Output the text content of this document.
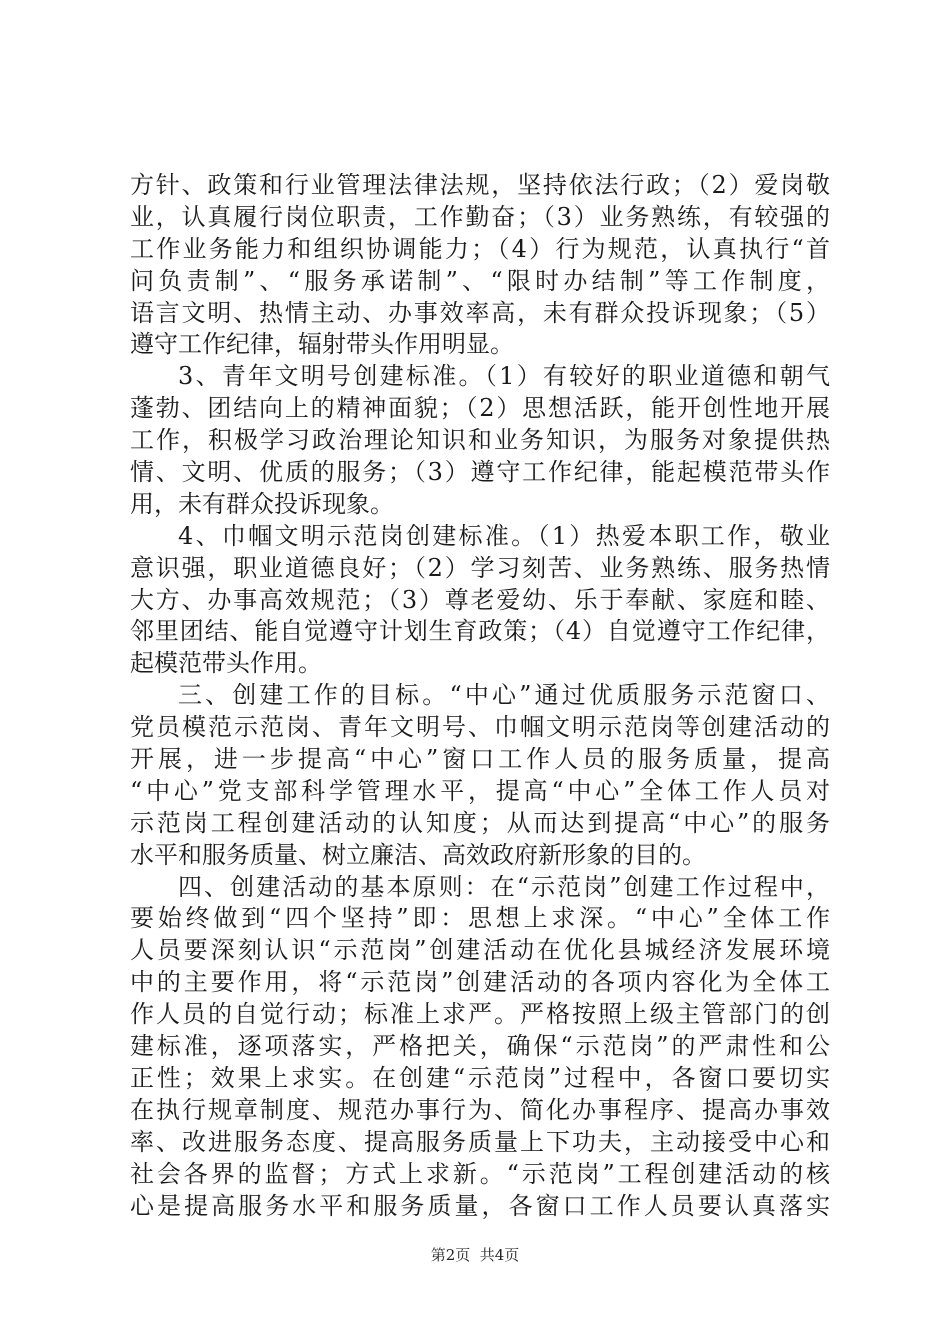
方针、政策和行业管理法律法规，坚持依法行政；（2）爱岗敬
业，认真履行岗位职责，工作勤奋；（3）业务熟练，有较强的
工作业务能力和组织协调能力；（4）行为规范，认真执行“首
问负责制”、“服务承诺制”、“限时办结制”等工作制度，
语言文明、热情主动、办事效率高，未有群众投诉现象；（5）
遵守工作纪律，辐射带头作用明显。
3、青年文明号创建标准。（1）有较好的职业道德和朝气
蓬勃、团结向上的精神面貌；（2）思想活跃，能开创性地开展
工作，积极学习政治理论知识和业务知识，为服务对象提供热
情、文明、优质的服务；（3）遵守工作纪律，能起模范带头作
用，未有群众投诉现象。
4、巾帼文明示范岗创建标准。（1）热爱本职工作，敬业
意识强，职业道德良好；（2）学习刻苦、业务熟练、服务热情
大方、办事高效规范；（3）尊老爱幼、乐于奉献、家庭和睦、
邻里团结、能自觉遵守计划生育政策；（4）自觉遵守工作纪律，
起模范带头作用。
三、创建工作的目标。“中心”通过优质服务示范窗口、
党员模范示范岗、青年文明号、巾帼文明示范岗等创建活动的
开展，进一步提高“中心”窗口工作人员的服务质量，提高
“中心”党支部科学管理水平，提高“中心”全体工作人员对
示范岗工程创建活动的认知度；从而达到提高“中心”的服务
水平和服务质量、树立廉洁、高效政府新形象的目的。
四、创建活动的基本原则：在“示范岗”创建工作过程中，
要始终做到“四个坚持”即：思想上求深。“中心”全体工作
人员要深刻认识“示范岗”创建活动在优化县城经济发展环境
中的主要作用，将“示范岗”创建活动的各项内容化为全体工
作人员的自觉行动；标准上求严。严格按照上级主管部门的创
建标准，逐项落实，严格把关，确保“示范岗”的严肃性和公
正性；效果上求实。在创建“示范岗”过程中，各窗口要切实
在执行规章制度、规范办事行为、简化办事程序、提高办事效
率、改进服务态度、提高服务质量上下功夫，主动接受中心和
社会各界的监督；方式上求新。“示范岗”工程创建活动的核
心是提高服务水平和服务质量，各窗口工作人员要认真落实
第2页  共4页
